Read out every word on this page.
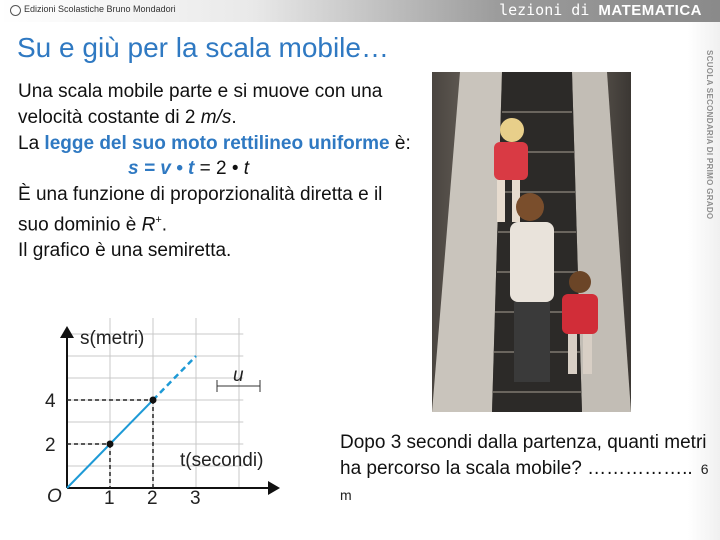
Edizioni Scolastiche Bruno Mondadori	lezioni di MATEMATICA
SCUOLA SECONDARIA DI PRIMO GRADO
Su e giù per la scala mobile…

Una scala mobile parte e si muove con una velocità costante di 2 m/s.

La legge del suo moto rettilineo uniforme è:

s = v • t = 2 • t

È una funzione di proporzionalità diretta e il suo dominio è R+.

Il grafico è una semiretta.

O
s(metri)
t(secondi)
u
1 2 3
2
4
Dopo 3 secondi dalla partenza, quanti metri ha percorso la scala mobile? …………….. 6 m
